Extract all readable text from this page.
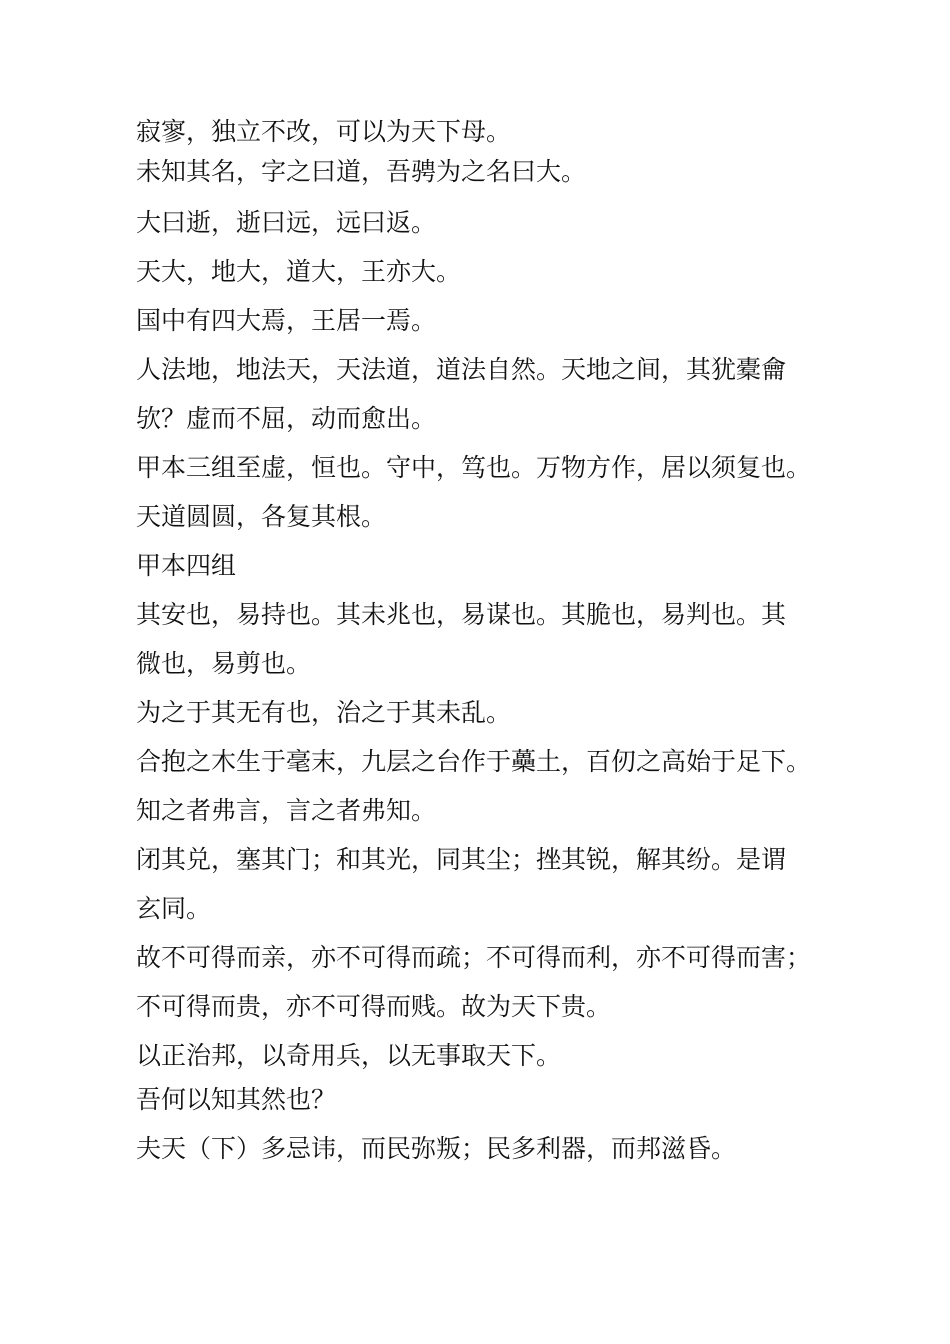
寂寥，独立不改，可以为天下母。
未知其名，字之曰道，吾骋为之名曰大。
大曰逝，逝曰远，远曰返。
天大，地大，道大，王亦大。
国中有四大焉，王居一焉。
人法地，地法天，天法道，道法自然。天地之间，其犹橐龠
欤？虚而不屈，动而愈出。
甲本三组至虚，恒也。守中，笃也。万物方作，居以须复也。
天道圆圆，各复其根。
甲本四组
其安也，易持也。其未兆也，易谋也。其脆也，易判也。其
微也，易剪也。
为之于其无有也，治之于其未乱。
合抱之木生于毫末，九层之台作于蘽土，百仞之高始于足下。
知之者弗言，言之者弗知。
闭其兑，塞其门；和其光，同其尘；挫其锐，解其纷。是谓
玄同。
故不可得而亲，亦不可得而疏；不可得而利，亦不可得而害；
不可得而贵，亦不可得而贱。故为天下贵。
以正治邦，以奇用兵，以无事取天下。
吾何以知其然也？
夫天（下）多忌讳，而民弥叛；民多利器，而邦滋昏。
